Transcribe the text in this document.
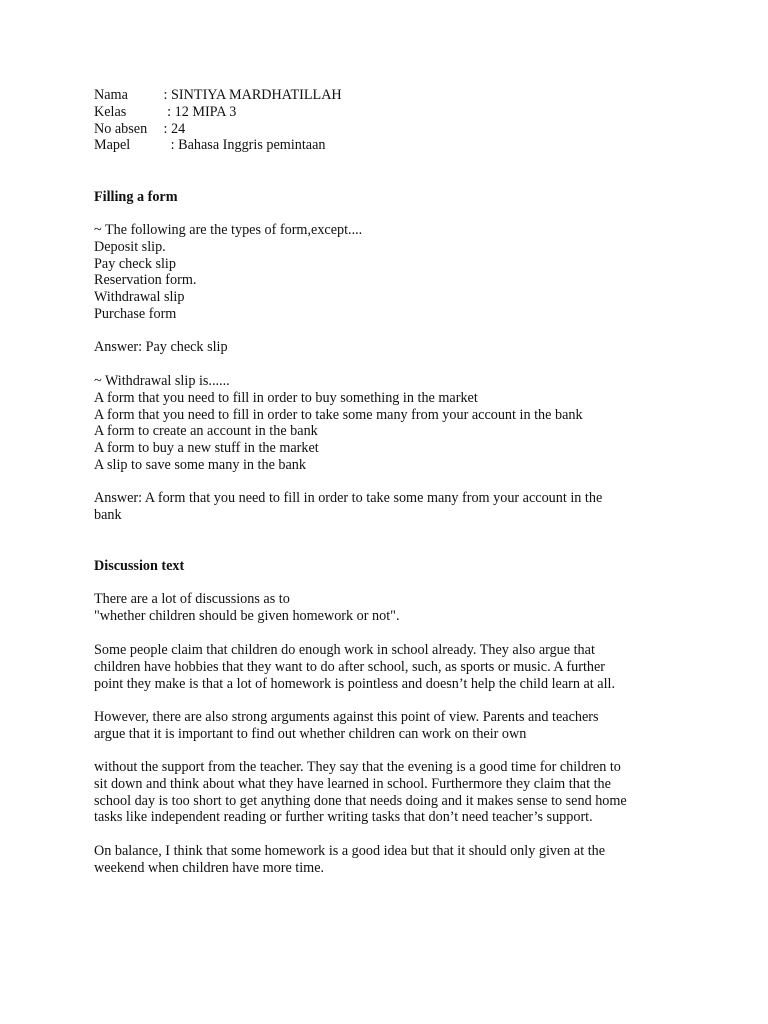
Nama : SINTIYA MARDHATILLAH
Kelas  : 12 MIPA 3
No absen : 24
Mapel   : Bahasa Inggris pemintaan
Filling a form
~ The following are the types of form,except....
Deposit slip.
Pay check slip
Reservation form.
Withdrawal slip
Purchase form
Answer: Pay check slip
~ Withdrawal slip is......
A form that you need to fill in order to buy something in the market
A form that you need to fill in order to take some many from your account in the bank
A form to create an account in the bank
A form to buy a new stuff in the market
A slip to save some many in the bank
Answer: A form that you need to fill in order to take some many from your account in the
bank
Discussion text
There are a lot of discussions as to
"whether children should be given homework or not".
Some people claim that children do enough work in school already. They also argue that
children have hobbies that they want to do after school, such, as sports or music. A further
point they make is that a lot of homework is pointless and doesn’t help the child learn at all.
However, there are also strong arguments against this point of view. Parents and teachers
argue that it is important to find out whether children can work on their own
without the support from the teacher. They say that the evening is a good time for children to
sit down and think about what they have learned in school. Furthermore they claim that the
school day is too short to get anything done that needs doing and it makes sense to send home
tasks like independent reading or further writing tasks that don’t need teacher’s support.
On balance, I think that some homework is a good idea but that it should only given at the
weekend when children have more time.
